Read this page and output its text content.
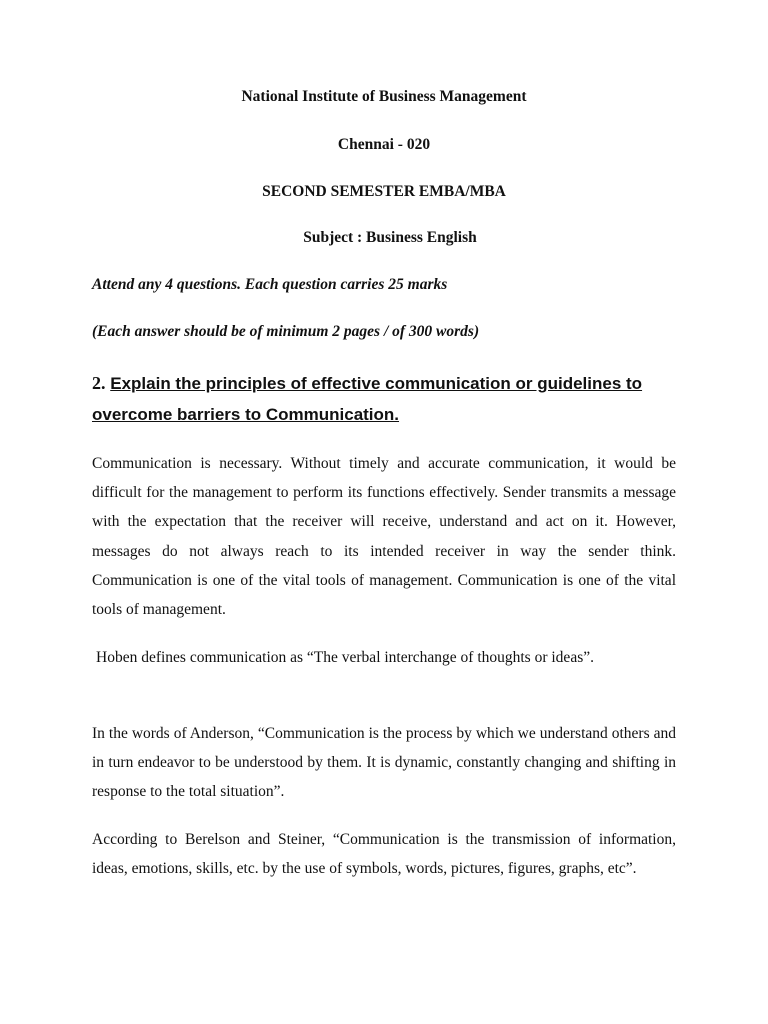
National Institute of Business Management
Chennai - 020
SECOND SEMESTER EMBA/MBA
Subject : Business English
Attend any 4 questions. Each question carries 25 marks
(Each answer should be of minimum 2 pages / of 300 words)
2. Explain the principles of effective communication or guidelines to overcome barriers to Communication.

Communication is necessary. Without timely and accurate communication, it would be difficult for the management to perform its functions effectively. Sender transmits a message with the expectation that the receiver will receive, understand and act on it. However, messages do not always reach to its intended receiver in way the sender think. Communication is one of the vital tools of management. Communication is one of the vital tools of management.

Hoben defines communication as “The verbal interchange of thoughts or ideas”.

In the words of Anderson, “Communication is the process by which we understand others and in turn endeavor to be understood by them. It is dynamic, constantly changing and shifting in response to the total situation”.

According to Berelson and Steiner, “Communication is the transmission of information, ideas, emotions, skills, etc. by the use of symbols, words, pictures, figures, graphs, etc”.
